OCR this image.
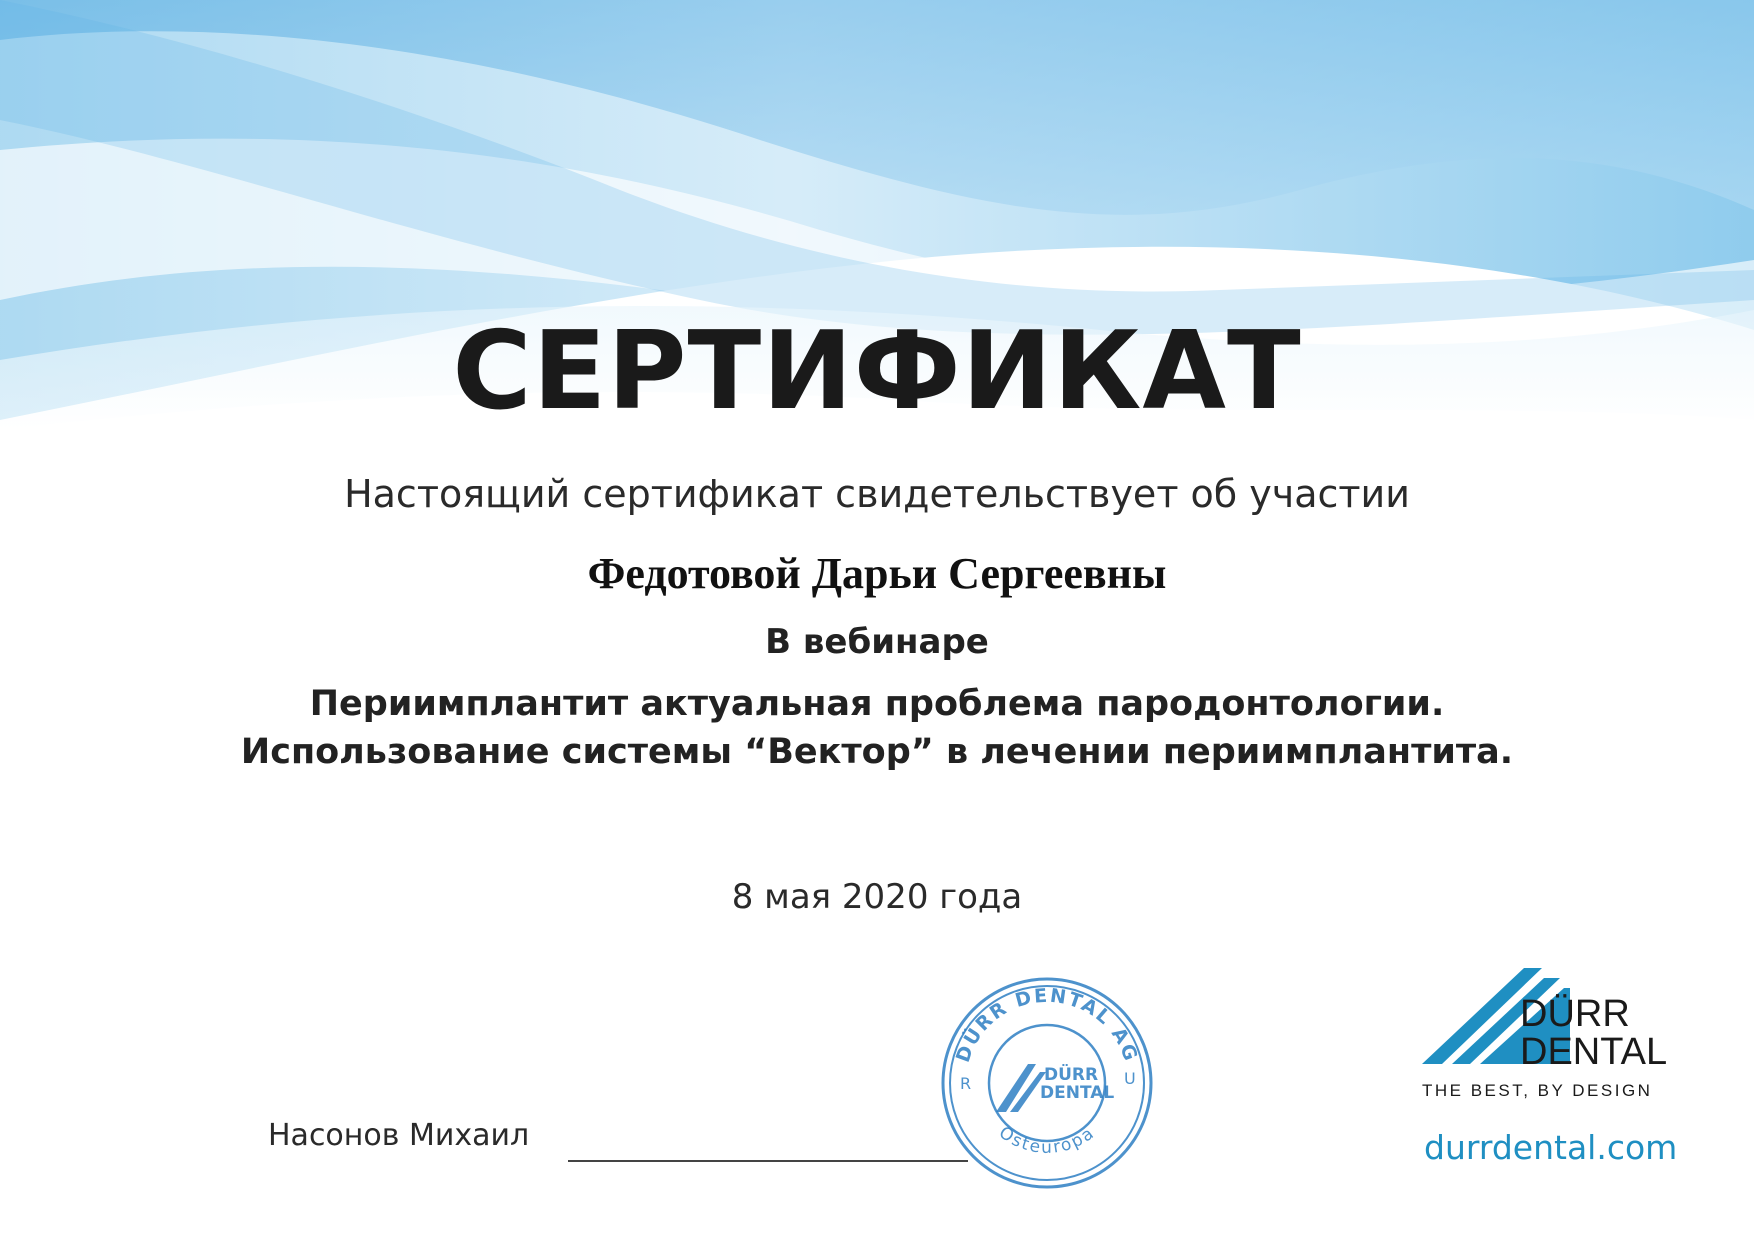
СЕРТИФИКАТ
Настоящий сертификат свидетельствует об участии
Федотовой Дарьи Сергеевны
В вебинаре
Периимплантит актуальная проблема пародонтологии.
Использование системы “Вектор” в лечении периимплантита.
8 мая 2020 года
Насонов Михаил
DÜRR DENTAL AG
Osteuropa
R	U
DÜRR
DENTAL
DÜRR
DENTAL
THE BEST, BY DESIGN
durrdental.com
